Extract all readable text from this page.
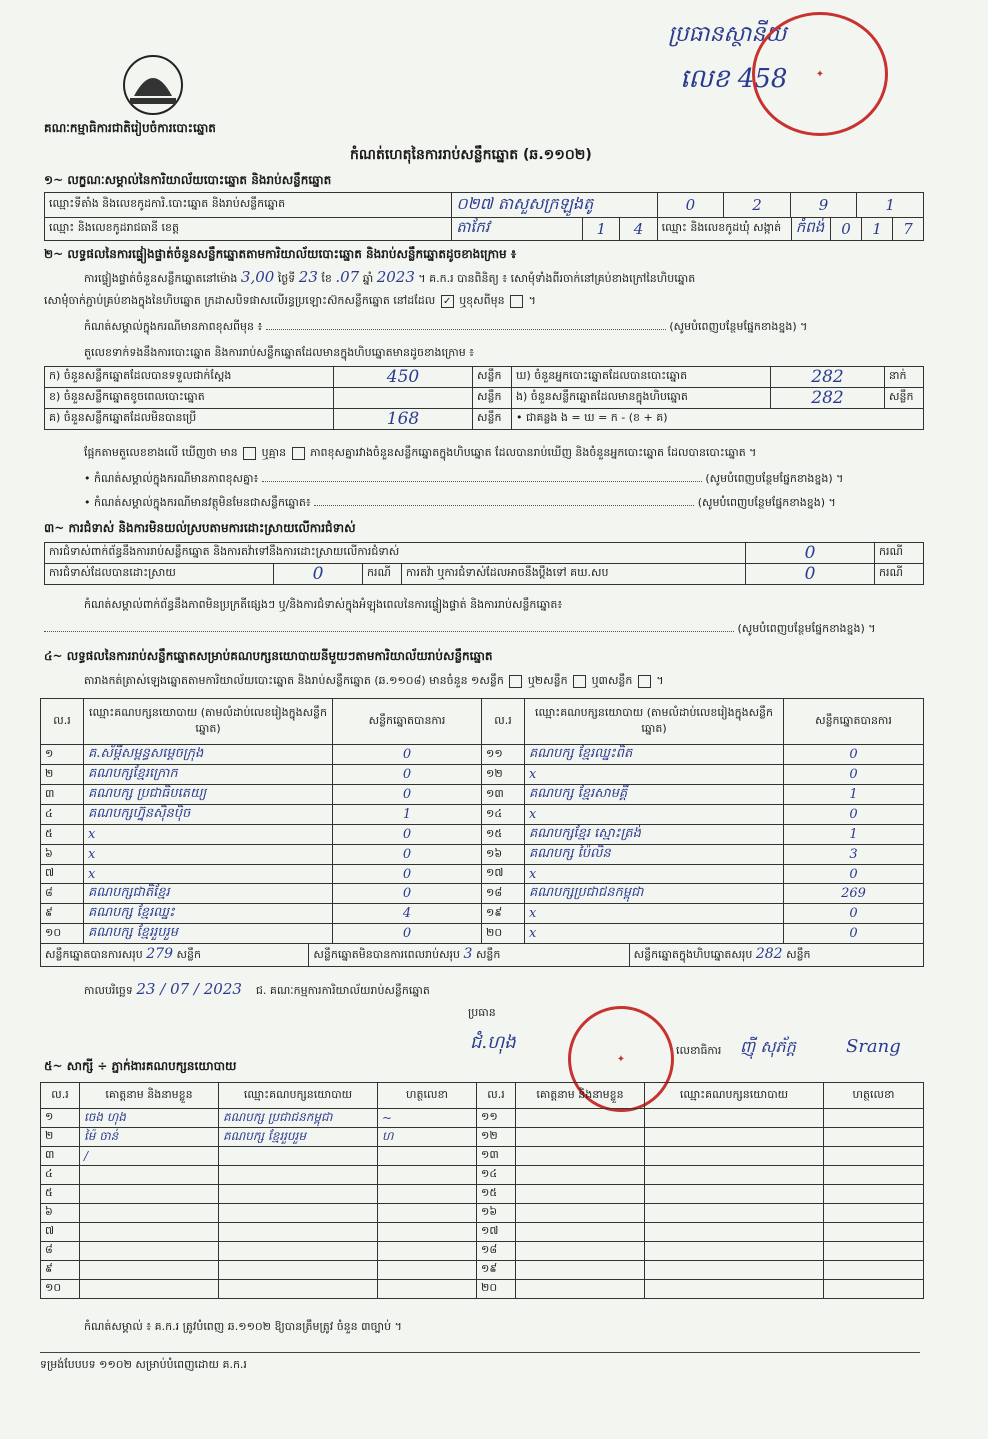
គណៈកម្មាធិការជាតិរៀបចំការបោះឆ្នោត
ប្រធានស្ថានីយ
លេខ 458	✦
កំណត់ហេតុនៃការរាប់សន្លឹកឆ្នោត (ឆ.១១០២)
១~ លក្ខណៈសម្គាល់នៃការិយាល័យបោះឆ្នោត និងរាប់សន្លឹកឆ្នោត
ឈ្មោះទីតាំង និងលេខកូដការិ.បោះឆ្នោត និងរាប់សន្លឹកឆ្នោត	០២៧ តាសួសក្រឡូងតូ	0	2	9	1
ឈ្មោះ និងលេខកូដរាជធានី ខេត្ត	តាកែវ	1	4	ឈ្មោះ និងលេខកូដឃុំ សង្កាត់	កំពង់	0	1	7
២~ លទ្ធផលនៃការផ្ទៀងផ្ទាត់ចំនួនសន្លឹកឆ្នោតតាមការិយាល័យបោះឆ្នោត និងរាប់សន្លឹកឆ្នោតដូចខាងក្រោម ៖
ការផ្ទៀងផ្ទាត់ចំនួនសន្លឹកឆ្នោតនៅម៉ោង 3,00 ថ្ងៃទី 23 ខែ .07 ឆ្នាំ 2023 ។ គ.ក.រ បានពិនិត្យ ៖ សោមុំទាំងពីរចាក់នៅគ្រប់ខាងក្រៅនៃហិបឆ្នោត
សោមុំចាក់ភ្ជាប់គ្រប់ខាងក្នុងនៃហិបឆ្នោត ក្រដាសបិទផាសលើរន្ធប្រឡោះស៊កសន្លឹកឆ្នោត នៅដដែល ✓ ឬខុសពីមុន  ។
កំណត់សម្គាល់ក្នុងករណីមានភាពខុសពីមុន ៖	(សូមបំពេញបន្ថែមផ្នែកខាងខ្នង) ។
តួលេខទាក់ទងនឹងការបោះឆ្នោត និងការរាប់សន្លឹកឆ្នោតដែលមានក្នុងហិបឆ្នោតមានដូចខាងក្រោម ៖
ក) ចំនួនសន្លឹកឆ្នោតដែលបានទទួលជាក់ស្តែង	450	សន្លឹក	ឃ) ចំនួនអ្នកបោះឆ្នោតដែលបានបោះឆ្នោត	282	នាក់
ខ) ចំនួនសន្លឹកឆ្នោតខូចពេលបោះឆ្នោត		សន្លឹក	ង) ចំនួនសន្លឹកឆ្នោតដែលមានក្នុងហិបឆ្នោត	282	សន្លឹក
គ) ចំនួនសន្លឹកឆ្នោតដែលមិនបានប្រើ	168	សន្លឹក	• ជាគន្លង ង = ឃ = ក - (ខ + គ)		
ផ្អែកតាមតួលេខខាងលើ ឃើញថា មាន ឬគ្មាន ភាពខុសគ្នារវាងចំនួនសន្លឹកឆ្នោតក្នុងហិបឆ្នោត ដែលបានរាប់ឃើញ និងចំនួនអ្នកបោះឆ្នោត ដែលបានបោះឆ្នោត ។
• កំណត់សម្គាល់ក្នុងករណីមានភាពខុសគ្នា៖	(សូមបំពេញបន្ថែមផ្នែកខាងខ្នង) ។
• កំណត់សម្គាល់ក្នុងករណីមានវត្ថុមិនមែនជាសន្លឹកឆ្នោត៖	(សូមបំពេញបន្ថែមផ្នែកខាងខ្នង) ។
៣~ ការជំទាស់ និងការមិនយល់ស្របតាមការដោះស្រាយលើការជំទាស់
ការជំទាស់ពាក់ព័ន្ធនឹងការរាប់សន្លឹកឆ្នោត និងការតវ៉ាទៅនឹងការដោះស្រាយលើការជំទាស់				0	ករណី
ការជំទាស់ដែលបានដោះស្រាយ	0	ករណី	ការតវ៉ា ឬការជំទាស់ដែលអាចនឹងប្តឹងទៅ គឃ.សប	0	ករណី
កំណត់សម្គាល់ពាក់ព័ន្ធនឹងភាពមិនប្រក្រតីផ្សេងៗ ឬ/និងការជំទាស់ក្នុងអំឡុងពេលនៃការផ្ទៀងផ្ទាត់ និងការរាប់សន្លឹកឆ្នោត៖
(សូមបំពេញបន្ថែមផ្នែកខាងខ្នង) ។
៤~ លទ្ធផលនៃការរាប់សន្លឹកឆ្នោតសម្រាប់គណបក្សនយោបាយនីមួយៗតាមការិយាល័យរាប់សន្លឹកឆ្នោត
តារាងកត់ត្រាស់ឡេងឆ្នោតតាមការិយាល័យបោះឆ្នោត និងរាប់សន្លឹកឆ្នោត (ឆ.១១០៨) មានចំនួន ១សន្លឹក ឬ២សន្លឹក ឬ៣សន្លឹក  ។
ល.រ	ឈ្មោះគណបក្សនយោបាយ (តាមលំដាប់លេខរៀងក្នុងសន្លឹកឆ្នោត)	សន្លឹកឆ្នោតបានការ	ល.រ	ឈ្មោះគណបក្សនយោបាយ (តាមលំដាប់លេខរៀងក្នុងសន្លឹកឆ្នោត)	សន្លឹកឆ្នោតបានការ
១	គ.ស័ម្តី​សម្ពន្ធ​សម្តេចក្រុង	0	១១	គណបក្ស ខ្មែរឈ្នះពិត	0
២	គណបក្សខ្មែរក្រោក	0	១២	x	0
៣	គណបក្ស ប្រជាធិបតេយ្យ	0	១៣	គណបក្ស ខ្មែរសាមគ្គី	1
៤	គណបក្សហ្វ៊ុនស៊ិនប៉ិច	1	១៤	x	0
៥	x	0	១៥	គណបក្សខ្មែរ ស្មោះត្រង់	1
៦	x	0	១៦	គណបក្ស ប៉ៃលិន	3
៧	x	0	១៧	x	0
៨	គណបក្សជាតិខ្មែរ	0	១៨	គណបក្សប្រជាជនកម្ពុជា	269
៩	គណបក្ស ខ្មែរឈ្នះ	4	១៩	x	0
១០	គណបក្ស ខ្មែររួបរួម	0	២០	x	0

សន្លឹកឆ្នោតបានការសរុប 279 សន្លឹក សន្លឹកឆ្នោតមិនបានការពេលរាប់សរុប 3 សន្លឹក សន្លឹកឆ្នោតក្នុងហិបឆ្នោតសរុប 282 សន្លឹក					
កាលបរិច្ឆេទ 23 / 07 / 2023 ជ. គណៈកម្មការការិយាល័យរាប់សន្លឹកឆ្នោត
ប្រធាន
ជំ.ហុង
✦
លេខាធិការ ញ៉ី សុភ័ក្ត	Srang
៥~ សាក្សី ÷ ភ្នាក់ងារគណបក្សនយោបាយ
ល.រ	គោត្តនាម និងនាមខ្លួន	ឈ្មោះគណបក្សនយោបាយ	ហត្ថលេខា	ល.រ	គោត្តនាម និងនាមខ្លួន	ឈ្មោះគណបក្សនយោបាយ	ហត្ថលេខា
១	ចេង ហុង	គណបក្ស ប្រជាជនកម្ពុជា	~	១១			
២	ម៉ៃ ចាន់	គណបក្ស ខ្មែររួបរួម	ហ	១២			
៣	/			១៣			
៤				១៤			
៥				១៥			
៦				១៦			
៧				១៧			
៨				១៨			
៩				១៩			
១០				២០			
កំណត់សម្គាល់ ៖ គ.ក.រ ត្រូវបំពេញ ឆ.១១០២ ឱ្យបានត្រឹមត្រូវ ចំនួន ៣ច្បាប់ ។
ទម្រង់បែបបទ ១១០២ សម្រាប់បំពេញដោយ គ.ក.រ
